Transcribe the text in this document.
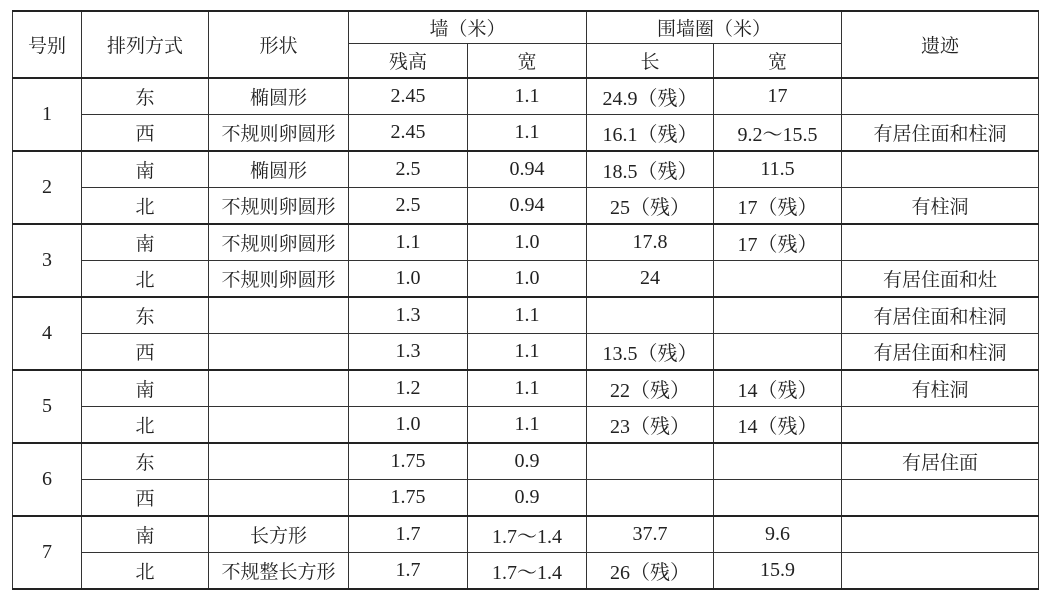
号别	排列方式	形状	墙（米）		围墙圈（米）		遗迹
			残高	宽	长	宽	
1	东	椭圆形	2.45	1.1	24.9（残）	17	
	西	不规则卵圆形	2.45	1.1	16.1（残）	9.2～15.5	有居住面和柱洞
2	南	椭圆形	2.5	0.94	18.5（残）	11.5	
	北	不规则卵圆形	2.5	0.94	25（残）	17（残）	有柱洞
3	南	不规则卵圆形	1.1	1.0	17.8	17（残）	
	北	不规则卵圆形	1.0	1.0	24		有居住面和灶
4	东		1.3	1.1			有居住面和柱洞
	西		1.3	1.1	13.5（残）		有居住面和柱洞
5	南		1.2	1.1	22（残）	14（残）	有柱洞
	北		1.0	1.1	23（残）	14（残）	
6	东		1.75	0.9			有居住面
	西		1.75	0.9			
7	南	长方形	1.7	1.7～1.4	37.7	9.6	
	北	不规整长方形	1.7	1.7～1.4	26（残）	15.9	
